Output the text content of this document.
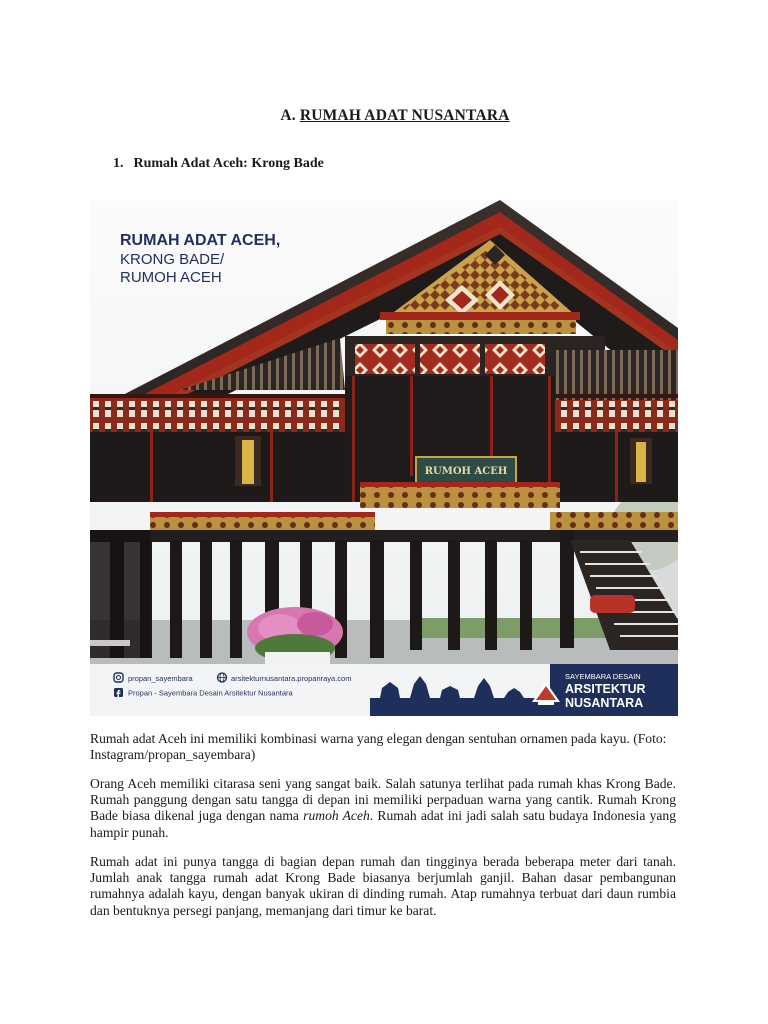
A. RUMAH ADAT NUSANTARA
1. Rumah Adat Aceh: Krong Bade
RUMOH ACEH
RUMAH ADAT ACEH,
KRONG BADE/
RUMOH ACEH
SAYEMBARA DESAIN
ARSITEKTUR
NUSANTARA
propan_sayembara	arsitekturnusantara.propanraya.com
Propan - Sayembara Desain Arsitektur Nusantara

Rumah adat Aceh ini memiliki kombinasi warna yang elegan dengan sentuhan ornamen pada kayu. (Foto: Instagram/propan_sayembara)

Orang Aceh memiliki citarasa seni yang sangat baik. Salah satunya terlihat pada rumah khas Krong Bade. Rumah panggung dengan satu tangga di depan ini memiliki perpaduan warna yang cantik. Rumah Krong Bade biasa dikenal juga dengan nama rumoh Aceh. Rumah adat ini jadi salah satu budaya Indonesia yang hampir punah.

Rumah adat ini punya tangga di bagian depan rumah dan tingginya berada beberapa meter dari tanah. Jumlah anak tangga rumah adat Krong Bade biasanya berjumlah ganjil. Bahan dasar pembangunan rumahnya adalah kayu, dengan banyak ukiran di dinding rumah. Atap rumahnya terbuat dari daun rumbia dan bentuknya persegi panjang, memanjang dari timur ke barat.
